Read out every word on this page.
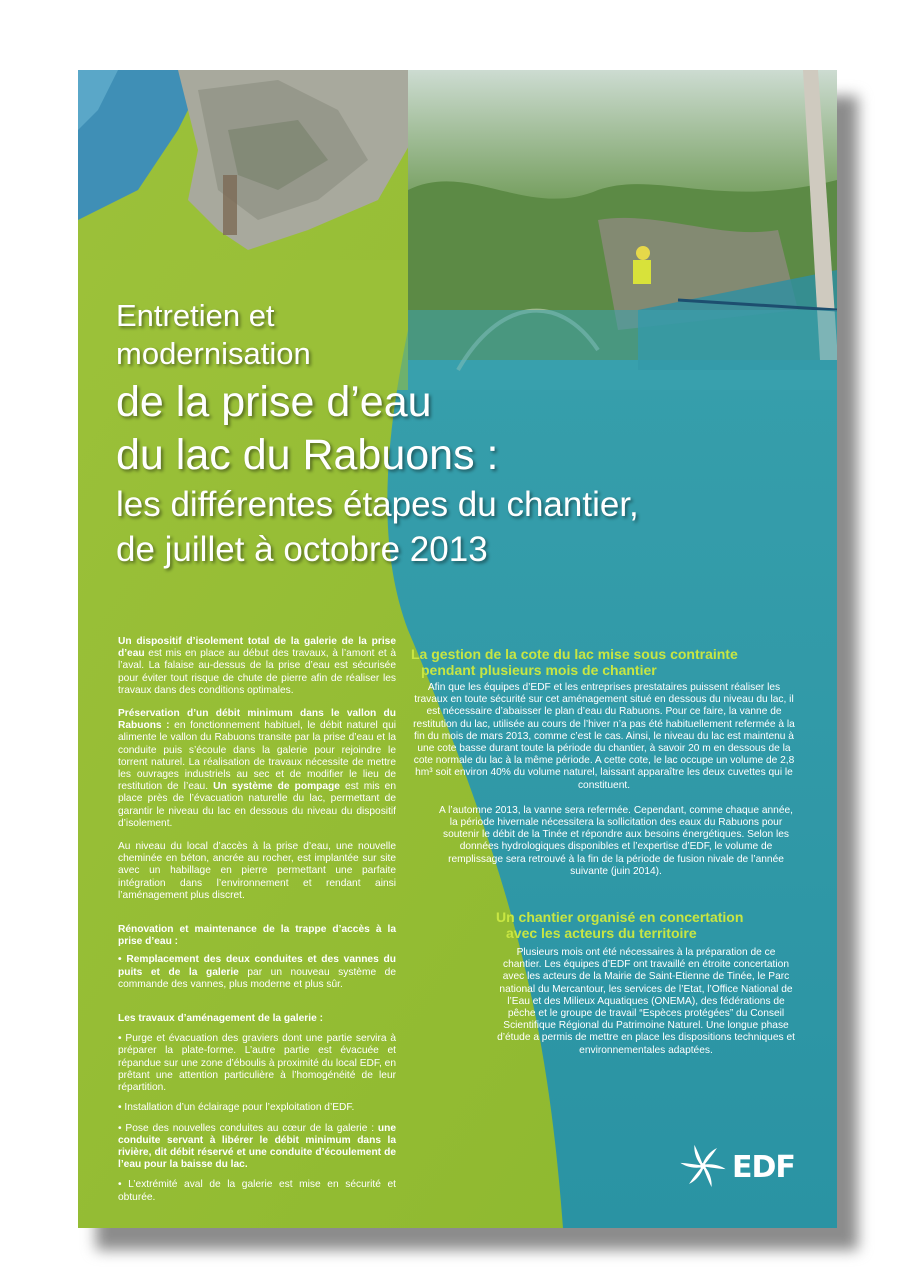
Entretien et
modernisation
de la prise d’eau
du lac du Rabuons :
les différentes étapes du chantier,
de juillet à octobre 2013

Un dispositif d’isolement total de la galerie de la prise d’eau est mis en place au début des travaux, à l’amont et à l’aval. La falaise au-dessus de la prise d’eau est sécurisée pour éviter tout risque de chute de pierre afin de réaliser les travaux dans des conditions optimales.

Préservation d’un débit minimum dans le vallon du Rabuons : en fonctionnement habituel, le débit naturel qui alimente le vallon du Rabuons transite par la prise d’eau et la conduite puis s’écoule dans la galerie pour rejoindre le torrent naturel. La réalisation de travaux nécessite de mettre les ouvrages industriels au sec et de modifier le lieu de restitution de l’eau. Un système de pompage est mis en place près de l’évacuation naturelle du lac, permettant de garantir le niveau du lac en dessous du niveau du dispositif d’isolement.

Au niveau du local d’accès à la prise d’eau, une nouvelle cheminée en béton, ancrée au rocher, est implantée sur site avec un habillage en pierre permettant une parfaite intégration dans l’environnement et rendant ainsi l’aménagement plus discret.

Rénovation et maintenance de la trappe d’accès à la prise d’eau :
• Remplacement des deux conduites et des vannes du puits et de la galerie par un nouveau système de commande des vannes, plus moderne et plus sûr.

Les travaux d’aménagement de la galerie :

• Purge et évacuation des graviers dont une partie servira à préparer la plate-forme. L’autre partie est évacuée et répandue sur une zone d’éboulis à proximité du local EDF, en prêtant une attention particulière à l’homogénéité de leur répartition.

• Installation d’un éclairage pour l’exploitation d’EDF.

• Pose des nouvelles conduites au cœur de la galerie : une conduite servant à libérer le débit minimum dans la rivière, dit débit réservé et une conduite d’écoulement de l’eau pour la baisse du lac.

• L’extrémité aval de la galerie est mise en sécurité et obturée.

La gestion de la cote du lac mise sous contrainte
pendant plusieurs mois de chantier

Afin que les équipes d’EDF et les entreprises prestataires puissent réaliser les travaux en toute sécurité sur cet aménagement situé en dessous du niveau du lac, il est nécessaire d’abaisser le plan d’eau du Rabuons. Pour ce faire, la vanne de restitution du lac, utilisée au cours de l’hiver n’a pas été habituellement refermée à la fin du mois de mars 2013, comme c’est le cas. Ainsi, le niveau du lac est maintenu à une cote basse durant toute la période du chantier, à savoir 20 m en dessous de la cote normale du lac à la même période. A cette cote, le lac occupe un volume de 2,8 hm³ soit environ 40% du volume naturel, laissant apparaître les deux cuvettes qui le constituent.

A l’automne 2013, la vanne sera refermée. Cependant, comme chaque année, la période hivernale nécessitera la sollicitation des eaux du Rabuons pour soutenir le débit de la Tinée et répondre aux besoins énergétiques. Selon les données hydrologiques disponibles et l’expertise d’EDF, le volume de remplissage sera retrouvé à la fin de la période de fusion nivale de l’année suivante (juin 2014).

Un chantier organisé en concertation
avec les acteurs du territoire

Plusieurs mois ont été nécessaires à la préparation de ce chantier. Les équipes d’EDF ont travaillé en étroite concertation avec les acteurs de la Mairie de Saint-Etienne de Tinée, le Parc national du Mercantour, les services de l’Etat, l’Office National de l’Eau et des Milieux Aquatiques (ONEMA), des fédérations de pêche et le groupe de travail “Espèces protégées” du Conseil Scientifique Régional du Patrimoine Naturel. Une longue phase d’étude a permis de mettre en place les dispositions techniques et environnementales adaptées.

EDF
